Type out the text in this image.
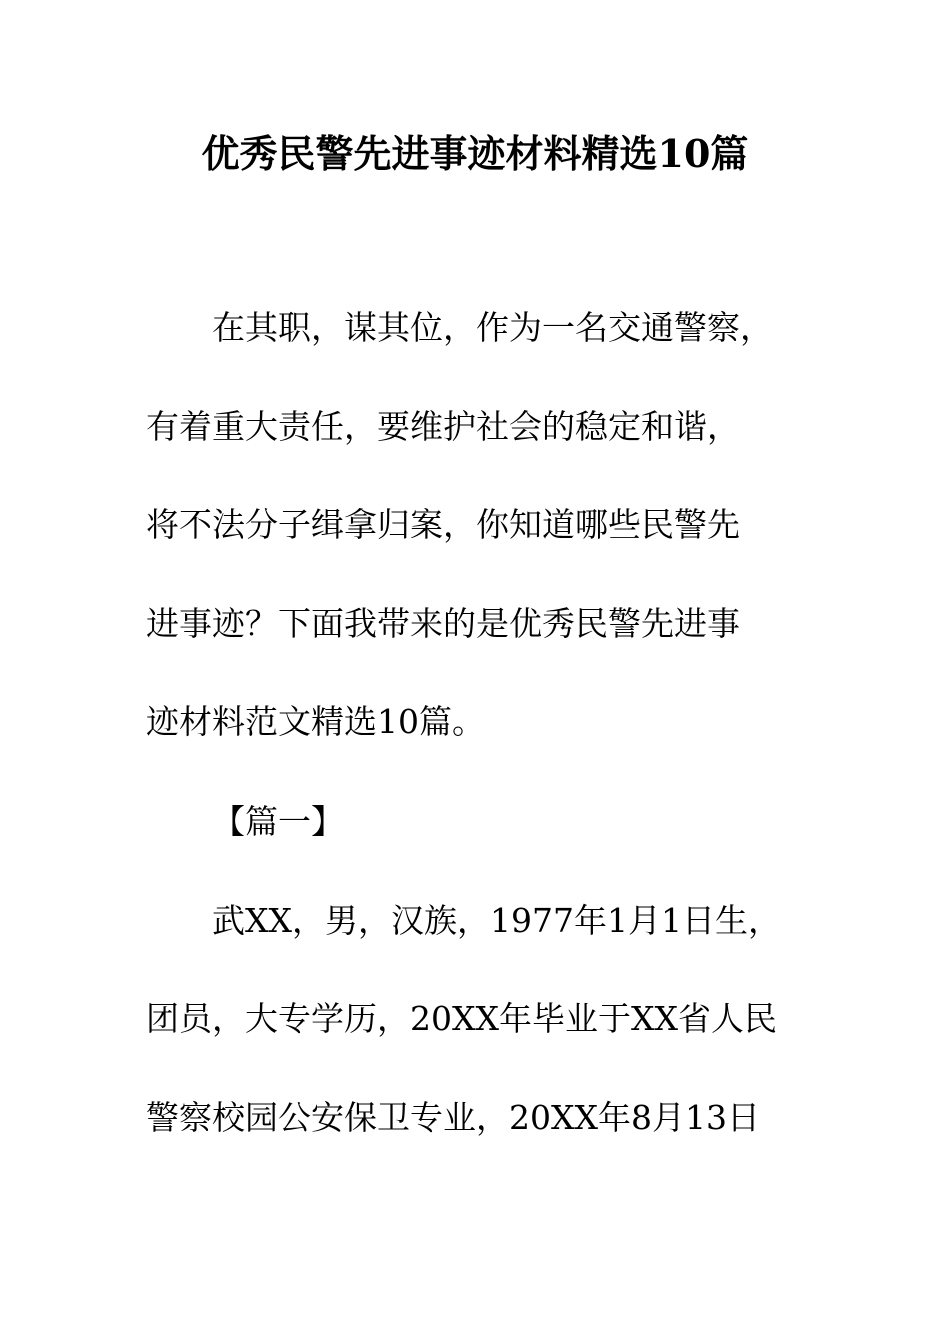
优秀民警先进事迹材料精选10篇
在其职，谋其位，作为一名交通警察，
有着重大责任，要维护社会的稳定和谐，
将不法分子缉拿归案，你知道哪些民警先
进事迹？下面我带来的是优秀民警先进事
迹材料范文精选10篇。
【篇一】
武XX，男，汉族，1977年1月1日生，
团员，大专学历，20XX年毕业于XX省人民
警察校园公安保卫专业，20XX年8月13日
